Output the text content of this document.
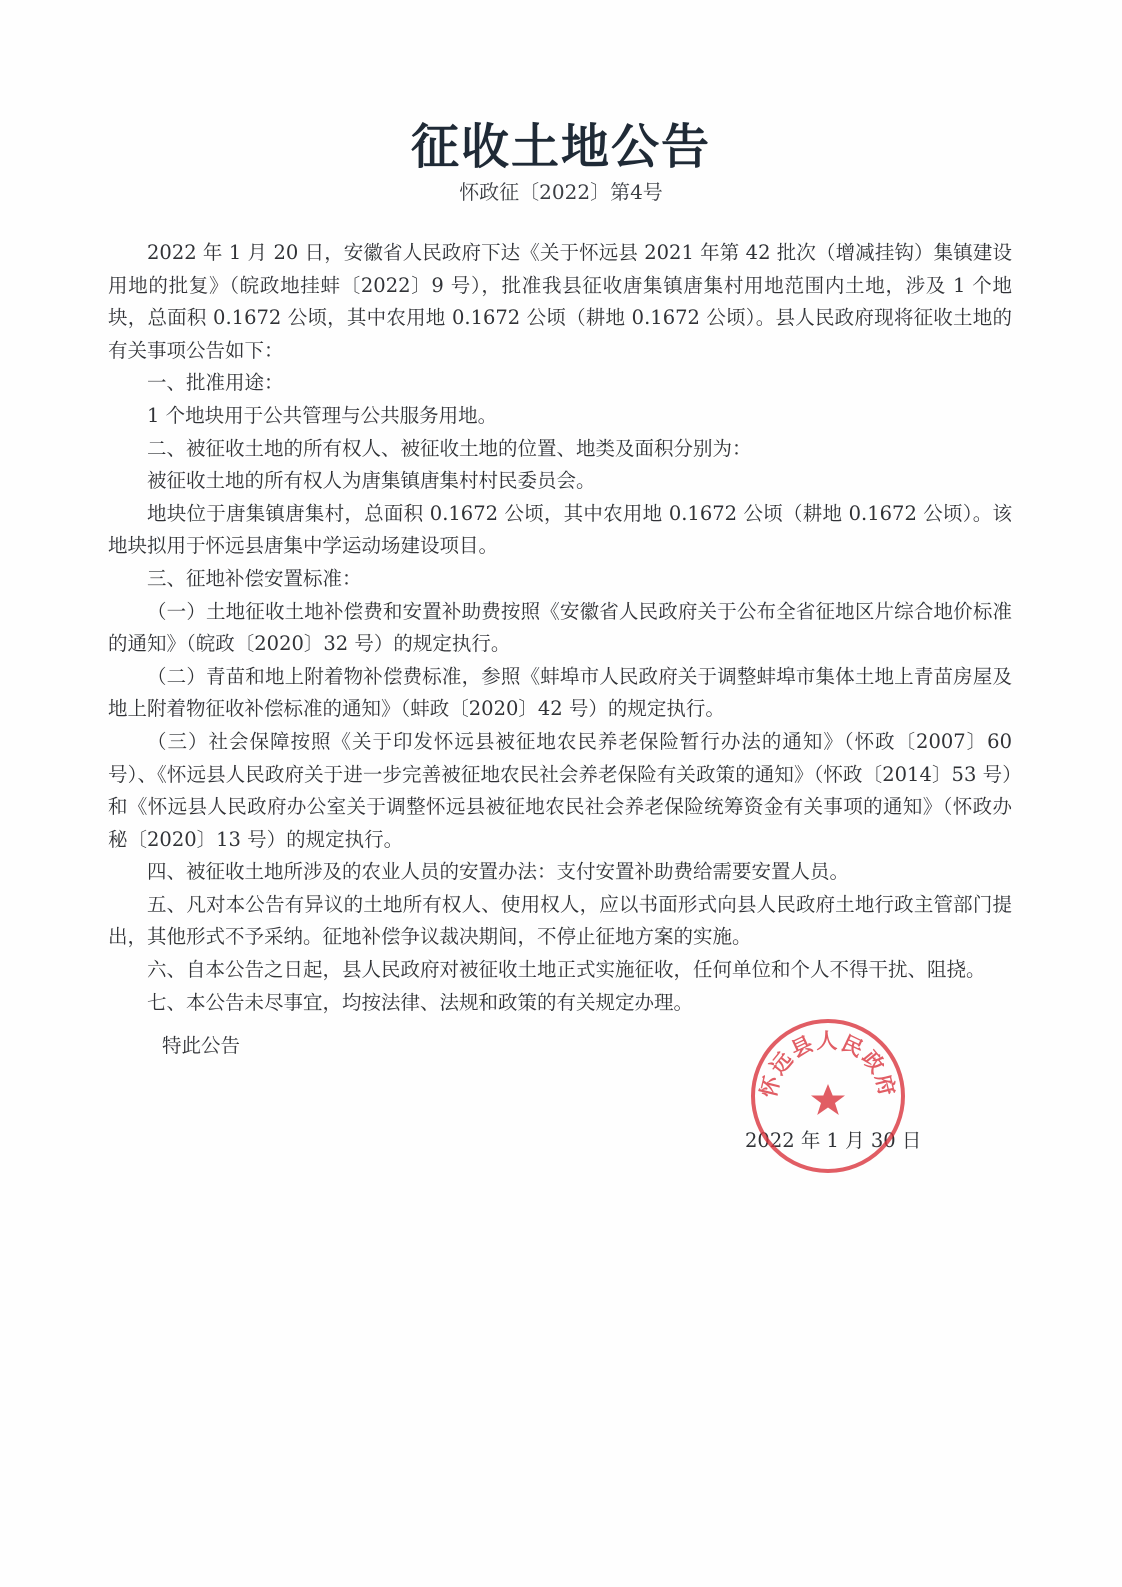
征收土地公告
怀政征〔2022〕第4号

2022 年 1 月 20 日，安徽省人民政府下达《关于怀远县 2021 年第 42 批次（增减挂钩）集镇建设用地的批复》（皖政地挂蚌〔2022〕9 号），批准我县征收唐集镇唐集村用地范围内土地，涉及 1 个地块，总面积 0.1672 公顷，其中农用地 0.1672 公顷（耕地 0.1672 公顷）。县人民政府现将征收土地的有关事项公告如下：

一、批准用途：

1 个地块用于公共管理与公共服务用地。

二、被征收土地的所有权人、被征收土地的位置、地类及面积分别为：

被征收土地的所有权人为唐集镇唐集村村民委员会。

地块位于唐集镇唐集村，总面积 0.1672 公顷，其中农用地 0.1672 公顷（耕地 0.1672 公顷）。该地块拟用于怀远县唐集中学运动场建设项目。

三、征地补偿安置标准：

（一）土地征收土地补偿费和安置补助费按照《安徽省人民政府关于公布全省征地区片综合地价标准的通知》（皖政〔2020〕32 号）的规定执行。

（二）青苗和地上附着物补偿费标准，参照《蚌埠市人民政府关于调整蚌埠市集体土地上青苗房屋及地上附着物征收补偿标准的通知》（蚌政〔2020〕42 号）的规定执行。

（三）社会保障按照《关于印发怀远县被征地农民养老保险暂行办法的通知》（怀政〔2007〕60 号）、《怀远县人民政府关于进一步完善被征地农民社会养老保险有关政策的通知》（怀政〔2014〕53 号）和《怀远县人民政府办公室关于调整怀远县被征地农民社会养老保险统筹资金有关事项的通知》（怀政办秘〔2020〕13 号）的规定执行。

四、被征收土地所涉及的农业人员的安置办法：支付安置补助费给需要安置人员。

五、凡对本公告有异议的土地所有权人、使用权人，应以书面形式向县人民政府土地行政主管部门提出，其他形式不予采纳。征地补偿争议裁决期间，不停止征地方案的实施。

六、自本公告之日起，县人民政府对被征收土地正式实施征收，任何单位和个人不得干扰、阻挠。

七、本公告未尽事宜，均按法律、法规和政策的有关规定办理。

特此公告
2022 年 1 月 30 日
怀远县人民政府
